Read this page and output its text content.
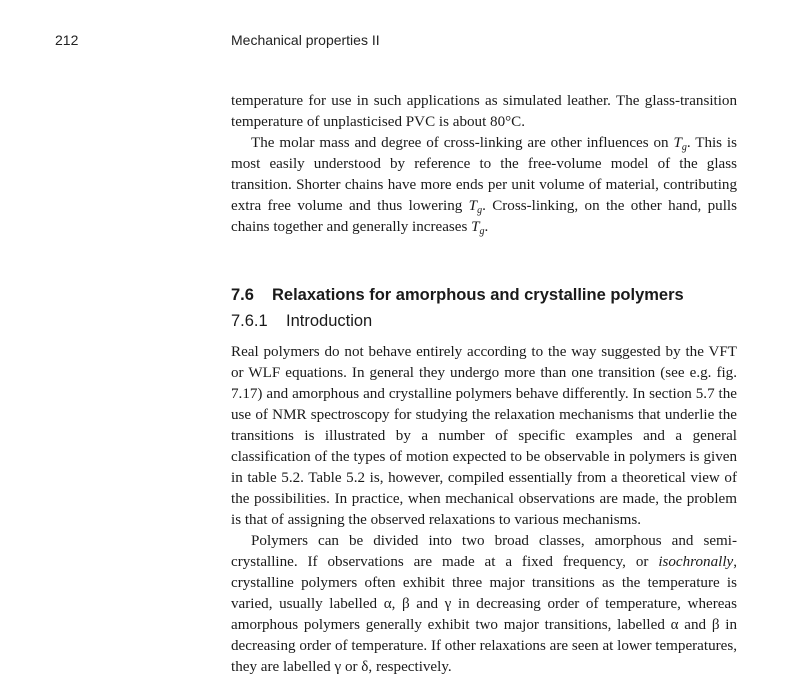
212	Mechanical properties II

temperature for use in such applications as simulated leather. The glass-transition temperature of unplasticised PVC is about 80°C.

The molar mass and degree of cross-linking are other influences on $T_g$. This is most easily understood by reference to the free-volume model of the glass transition. Shorter chains have more ends per unit volume of material, contributing extra free volume and thus lowering $T_g$. Cross-linking, on the other hand, pulls chains together and generally increases $T_g$.

7.6 Relaxations for amorphous and crystalline polymers
7.6.1 Introduction

Real polymers do not behave entirely according to the way suggested by the VFT or WLF equations. In general they undergo more than one transition (see e.g. fig. 7.17) and amorphous and crystalline polymers behave differently. In section 5.7 the use of NMR spectroscopy for studying the relaxation mechanisms that underlie the transitions is illustrated by a number of specific examples and a general classification of the types of motion expected to be observable in polymers is given in table 5.2. Table 5.2 is, however, compiled essentially from a theoretical view of the possibilities. In practice, when mechanical observations are made, the problem is that of assigning the observed relaxations to various mechanisms.

Polymers can be divided into two broad classes, amorphous and semi-crystalline. If observations are made at a fixed frequency, or isochronally, crystalline polymers often exhibit three major transitions as the temperature is varied, usually labelled α, β and γ in decreasing order of temperature, whereas amorphous polymers generally exhibit two major transitions, labelled α and β in decreasing order of temperature. If other relaxations are seen at lower temperatures, they are labelled γ or δ, respectively.
